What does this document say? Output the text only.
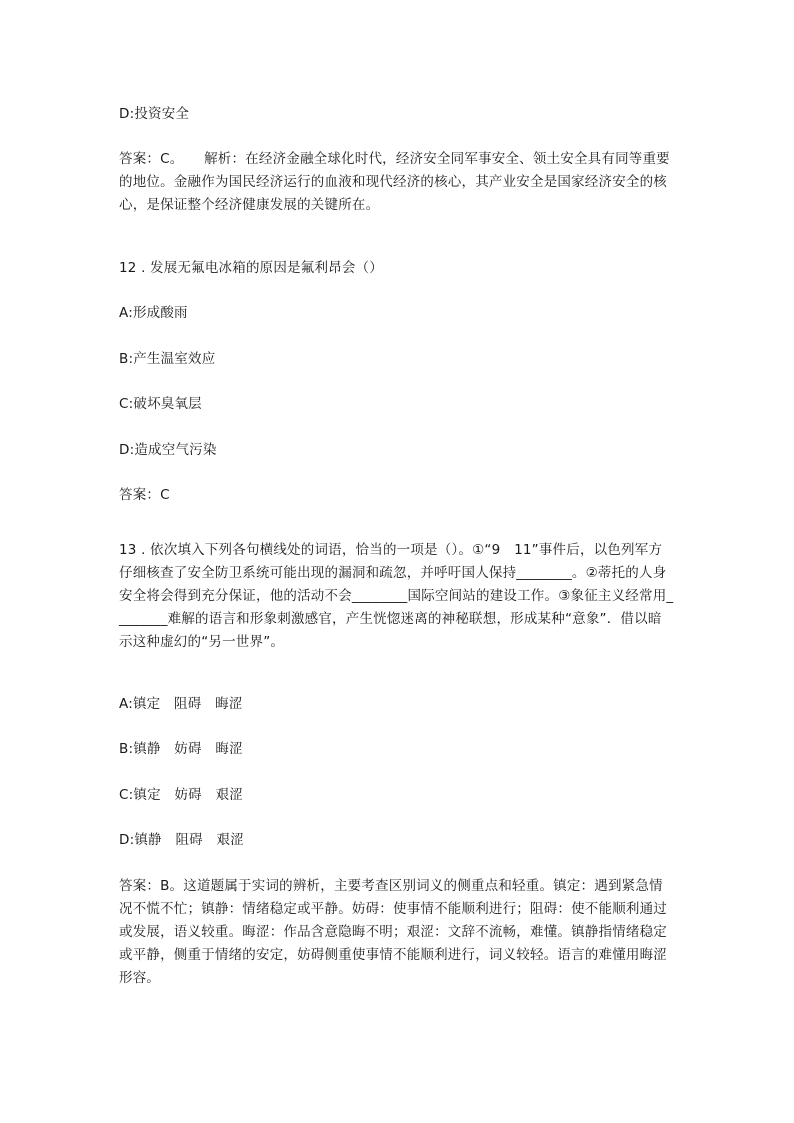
D:投资安全

答案：C。　　解析：在经济金融全球化时代，经济安全同军事安全、领土安全具有同等重要的地位。金融作为国民经济运行的血液和现代经济的核心，其产业安全是国家经济安全的核心，是保证整个经济健康发展的关键所在。

12 . 发展无氟电冰箱的原因是氟利昂会（）

A:形成酸雨

B:产生温室效应

C:破坏臭氧层

D:造成空气污染

答案：C

13 . 依次填入下列各句横线处的词语，恰当的一项是（）。①“9　11”事件后，以色列军方仔细核查了安全防卫系统可能出现的漏洞和疏忽，并呼吁国人保持________。②蒂托的人身安全将会得到充分保证，他的活动不会________国际空间站的建设工作。③象征主义经常用________难解的语言和形象刺激感官，产生恍惚迷离的神秘联想，形成某种“意象”．借以暗示这种虚幻的“另一世界”。

A:镇定　阻碍　晦涩

B:镇静　妨碍　晦涩

C:镇定　妨碍　艰涩

D:镇静　阻碍　艰涩

答案：B。这道题属于实词的辨析，主要考查区别词义的侧重点和轻重。镇定：遇到紧急情况不慌不忙；镇静：情绪稳定或平静。妨碍：使事情不能顺利进行；阻碍：使不能顺利通过或发展，语义较重。晦涩：作品含意隐晦不明；艰涩：文辞不流畅，难懂。镇静指情绪稳定或平静，侧重于情绪的安定，妨碍侧重使事情不能顺利进行，词义较轻。语言的难懂用晦涩形容。
